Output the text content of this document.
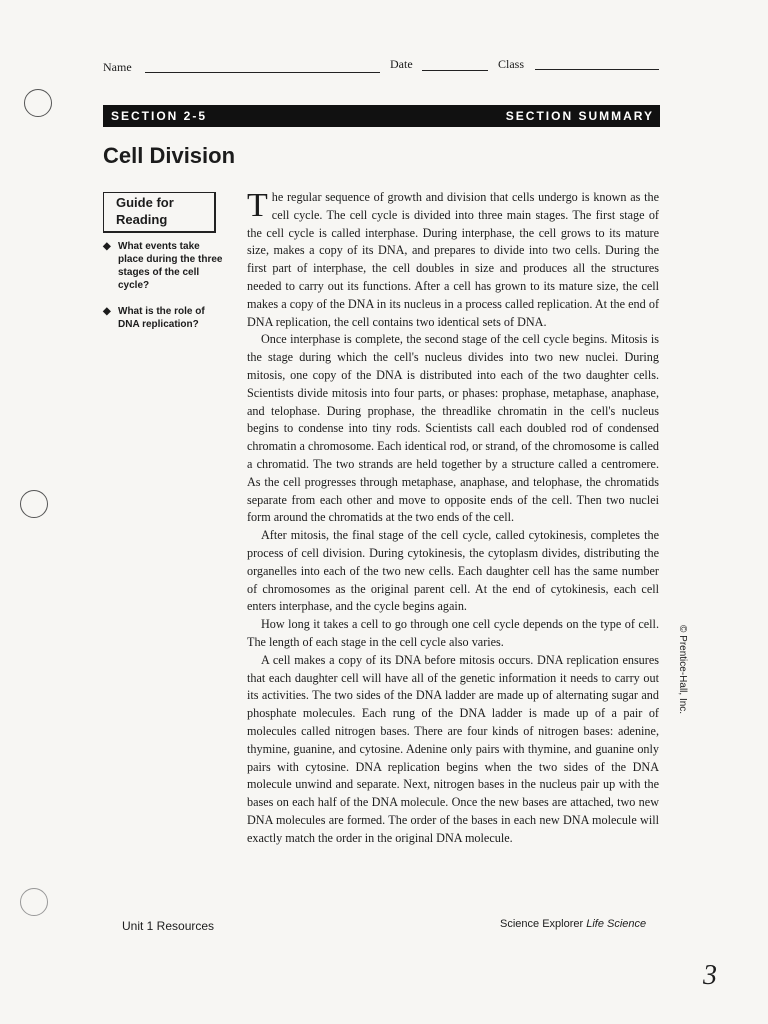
Name	Date	Class
SECTION 2-5	SECTION SUMMARY
Cell Division
Guide for
Reading
◆ What events take place during the three stages of the cell cycle?
◆ What is the role of DNA replication?

The regular sequence of growth and division that cells undergo is known as the cell cycle. The cell cycle is divided into three main stages. The first stage of the cell cycle is called interphase. During interphase, the cell grows to its mature size, makes a copy of its DNA, and prepares to divide into two cells. During the first part of interphase, the cell doubles in size and produces all the structures needed to carry out its functions. After a cell has grown to its mature size, the cell makes a copy of the DNA in its nucleus in a process called replication. At the end of DNA replication, the cell contains two identical sets of DNA.

Once interphase is complete, the second stage of the cell cycle begins. Mitosis is the stage during which the cell's nucleus divides into two new nuclei. During mitosis, one copy of the DNA is distributed into each of the two daughter cells. Scientists divide mitosis into four parts, or phases: prophase, metaphase, anaphase, and telophase. During prophase, the threadlike chromatin in the cell's nucleus begins to condense into tiny rods. Scientists call each doubled rod of condensed chromatin a chromosome. Each identical rod, or strand, of the chromosome is called a chromatid. The two strands are held together by a structure called a centromere. As the cell progresses through metaphase, anaphase, and telophase, the chromatids separate from each other and move to opposite ends of the cell. Then two nuclei form around the chromatids at the two ends of the cell.

After mitosis, the final stage of the cell cycle, called cytokinesis, completes the process of cell division. During cytokinesis, the cytoplasm divides, distributing the organelles into each of the two new cells. Each daughter cell has the same number of chromosomes as the original parent cell. At the end of cytokinesis, each cell enters interphase, and the cycle begins again.

How long it takes a cell to go through one cell cycle depends on the type of cell. The length of each stage in the cell cycle also varies.

A cell makes a copy of its DNA before mitosis occurs. DNA replication ensures that each daughter cell will have all of the genetic information it needs to carry out its activities. The two sides of the DNA ladder are made up of alternating sugar and phosphate molecules. Each rung of the DNA ladder is made up of a pair of molecules called nitrogen bases. There are four kinds of nitrogen bases: adenine, thymine, guanine, and cytosine. Adenine only pairs with thymine, and guanine only pairs with cytosine. DNA replication begins when the two sides of the DNA molecule unwind and separate. Next, nitrogen bases in the nucleus pair up with the bases on each half of the DNA molecule. Once the new bases are attached, two new DNA molecules are formed. The order of the bases in each new DNA molecule will exactly match the order in the original DNA molecule.

© Prentice-Hall, Inc.
Unit 1 Resources	Science Explorer Life Science
3
